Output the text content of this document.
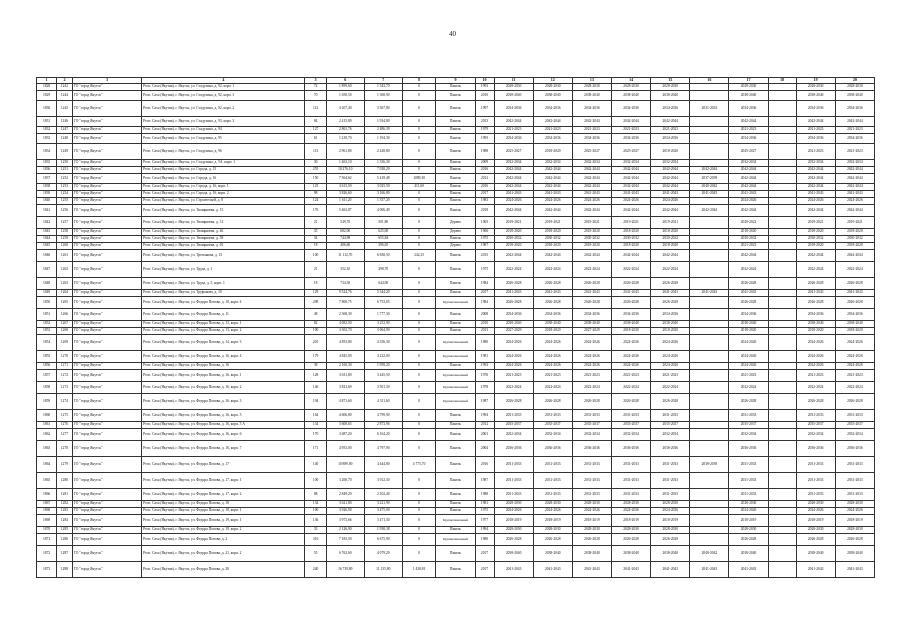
40
1	2	3	4	5	6	7	8	9	10	11	12	13	14	15	16	17	18	19	20
1828	1242	ГО "город Якутск"	Респ. Саха (Якутия), г. Якутск, ул. Стадухина, д. 92, корп. 1	72	1 899,60	1 543,70	0	Панель	1993	2028-2030	2028-2030	2028-2030	2028-2030	2028-2030		2028-2030		2028-2030	2028-2030
1829	1244	ГО "город Якутск"	Респ. Саха (Якутия), г. Якутск, ул. Стадухина, д. 92, корп. 3	70	1 658,50	1 368,90	0	Панель	2010	2038-2040	2038-2040	2038-2040	2038-2040	2038-2040		2038-2040		2038-2040	2038-2040
1830	1245	ГО "город Якутск"	Респ. Саха (Якутия), г. Якутск, ул. Стадухина, д. 92, корп. 2	112	4 207,40	3 567,80	0	Панель	1997	2034-2036	2034-2036	2034-2036	2034-2036	2034-2036	2031-2033	2034-2036		2034-2036	2034-2036
1831	1246	ГО "город Якутск"	Респ. Саха (Якутия), г. Якутск, ул. Стадухина, д. 93, корп. 3	84	2 415,80	1 934,80	0	Панель	2013	2042-2044	2042-2044	2042-2044	2042-2044	2042-2044		2042-2044		2042-2044	2042-2044
1832	1247	ГО "город Якутск"	Респ. Саха (Якутия), г. Якутск, ул. Стадухина, д. 94	127	2 863,76	2 486,39	0	Панель	1979	2021-2023	2021-2023	2021-2023	2021-2023	2021-2023		2021-2023		2021-2023	2021-2023
1833	1248	ГО "город Якутск"	Респ. Саха (Якутия), г. Якутск, ул. Стадухина, д. 95	61	1 218,70	1 194,30	0	Панель	1995	2034-2036	2034-2036	2034-2036	2034-2036	2034-2036		2034-2036		2034-2036	2034-2036
1834	1249	ГО "город Якутск"	Респ. Саха (Якутия), г. Якутск, ул. Стадухина, д. 96	113	2 961,80	2 428,80	0	Панель	1988	2025-2027	2018-2020	2025-2027	2025-2027	2018-2020		2025-2027		2021-2023	2021-2023
1835	1250	ГО "город Якутск"	Респ. Саха (Якутия), г. Якутск, ул. Стадухина, д. 5А, корп. 1	30	1 463,10	1 336,30	0	Панель	2009	2032-2034	2032-2034	2032-2034	2032-2034	2032-2034		2032-2034		2032-2034	2032-2034
1836	1251	ГО "город Якутск"	Респ. Саха (Якутия), г. Якутск, ул. Строда, д. 15	255	10 276,10	7 038,20	0	Панель	2016	2042-2044	2042-2044	2042-2044	2042-2044	2042-2044	2042-2044	2042-2044		2042-2044	2042-2044
1837	1252	ГО "город Якутск"	Респ. Саха (Якутия), г. Якутск, ул. Строда, д. 16	150	7 564,62	5 418,48	1089,30	Панель	2012	2042-2044	2042-2044	2042-2044	2042-2044	2042-2044	2037-2039	2042-2044		2042-2044	2042-2044
1838	1253	ГО "город Якутск"	Респ. Саха (Якутия), г. Якутск, ул. Строда, д. 16, корп. 1	125	3 613,50	3 025,50	411,60	Панель	2016	2042-2044	2042-2044	2042-2044	2042-2044	2042-2044	2040-2042	2042-2044		2042-2044	2042-2044
1839	1254	ГО "город Якутск"	Респ. Саха (Якутия), г. Якутск, ул. Строда, д. 16, корп. 2	98	3 826,60	3 166,80	0	Панель	2017	2041-2043	2041-2043	2041-2043	2041-2043	2041-2043	2041-2043	2041-2043		2041-2043	2041-2043
1840	1255	ГО "город Якутск"	Респ. Саха (Якутия), г. Якутск, ул. Строительей, д. 8	124	1 611,20	1 357,20	0	Панель	1983	2024-2026	2024-2026	2024-2026	2024-2026	2024-2026		2024-2026		2024-2026	2024-2026
1841	1256	ГО "город Якутск"	Респ. Саха (Якутия), г. Якутск, ул. Тимирязева, д. 15	176	5 463,87	4 006,49	0	Панель	2018	2042-2044	2042-2044	2042-2044	2042-2044	2042-2044	2042-2044	2042-2044		2042-2044	2042-2044
1842	1257	ГО "город Якутск"	Респ. Саха (Якутия), г. Якутск, ул. Тимирязева, д. 31	21	549,70	501,80	0	Дерево	1965	2019-2021	2019-2021	2019-2021	2019-2021	2019-2021		2020-2022		2019-2021	2019-2021
1843	1258	ГО "город Якутск"	Респ. Саха (Якутия), г. Якутск, ул. Тимирязева, д. 46	35	682,00	625,00	0	Дерево	1966	2018-2020	2018-2020	2018-2020	2018-2020	2018-2020		2018-2020		2018-2020	2018-2020
1844	1259	ГО "город Якутск"	Респ. Саха (Якутия), г. Якутск, ул. Тимирязева, д. 58	34	744,98	655,84	0	Панель	1975	2030-2032	2030-2032	2030-2032	2030-2032	2030-2032		2030-2032		2030-2032	2030-2032
1845	1260	ГО "город Якутск"	Респ. Саха (Якутия), г. Якутск, ул. Тимирязева, д. 65	18	406,60	396,65	0	Дерево	1987	2018-2020	2018-2020	2018-2020	2018-2020	2018-2020		2021-2023		2018-2020	2018-2020
1846	1261	ГО "город Якутск"	Респ. Саха (Якутия), г. Якутск, ул. Третьякова, д. 15	100	11 112,70	6 838,50	242,35	Панель	2015	2042-2044	2042-2044	2042-2044	2042-2044	2042-2044		2042-2044		2042-2044	2042-2044
1847	1262	ГО "город Якутск"	Респ. Саха (Якутия), г. Якутск, ул. Труда, д. 1	21	352,10	298,70	0	Панель	1975	2022-2024	2022-2024	2022-2024	2022-2024	2022-2024		2022-2024		2022-2024	2022-2024
1848	1263	ГО "город Якутск"	Респ. Саха (Якутия), г. Якутск, ул. Труда, д. 5, корп. 1	18	734,50	644,00	0	Панель	1984	2026-2028	2026-2028	2026-2028	2026-2028	2026-2028		2026-2028		2026-2028	2026-2028
1849	1264	ГО "город Якутск"	Респ. Саха (Якутия), г. Якутск, ул. Труфанова, д. 10	129	9 524,76	5 344,20	0	Панель	2017	2041-2043	2041-2043	2041-2043	2041-2043	2041-2043	2041-2043	2041-2043		2041-2043	2041-2043
1850	1265	ГО "город Якутск"	Респ. Саха (Якутия), г. Якутск, ул. Федора Попова, д. 10, корп. 4	298	7 806,75	6 753,05	0	Крупнопанельный	1984	2026-2028	2026-2028	2026-2028	2026-2028	2026-2028		2026-2028		2026-2028	2026-2028
1851	1266	ГО "город Якутск"	Респ. Саха (Якутия), г. Якутск, ул. Федора Попова, д. 11	48	2 368,30	1 777,30	0	Панель	2008	2034-2036	2034-2036	2034-2036	2034-2036	2034-2036		2034-2036		2034-2036	2034-2036
1852	1267	ГО "город Якутск"	Респ. Саха (Якутия), г. Якутск, ул. Федора Попова, д. 13, корп. 1	82	4 082,50	3 252,90	0	Панель	2010	2038-2040	2038-2040	2038-2040	2038-2040	2038-2040		2038-2040		2038-2040	2038-2040
1853	1268	ГО "город Якутск"	Респ. Саха (Якутия), г. Якутск, ул. Федора Попова, д. 13, корп. 2	100	3 363,70	3 064,90	0	Панель	2013	2027-2029	2018-2020	2027-2029	2018-2020	2018-2020		2018-2020		2018-2020	2018-2020
1854	1269	ГО "город Якутск"	Респ. Саха (Якутия), г. Якутск, ул. Федора Попова, д. 14, корп. 3	201	4 853,80	4 356,30	0	Крупнопанельный	1980	2024-2026	2024-2026	2024-2026	2024-2026	2024-2026		2024-2026		2024-2026	2024-2026
1855	1270	ГО "город Якутск"	Респ. Саха (Якутия), г. Якутск, ул. Федора Попова, д. 16, корп. 4	179	4 845,00	4 232,00	0	Крупнопанельный	1981	2024-2026	2024-2026	2024-2026	2024-2026	2024-2026		2024-2026		2024-2026	2024-2026
1856	1271	ГО "город Якутск"	Респ. Саха (Якутия), г. Якутск, ул. Федора Попова, д. 16	38	2 160,30	1 958,20	0	Панель	1992	2024-2026	2024-2026	2024-2026	2024-2026	2024-2026		2024-2026		2024-2026	2024-2026
1857	1272	ГО "город Якутск"	Респ. Саха (Якутия), г. Якутск, ул. Федора Попова, д. 16, корп. 1	128	3 631,80	3 445,50	0	Крупнопанельный	1976	2021-2023	2021-2023	2021-2023	2021-2023	2021-2023		2021-2023		2021-2023	2021-2023
1858	1273	ГО "город Якутск"	Респ. Саха (Якутия), г. Якутск, ул. Федора Попова, д. 16, корп. 2	146	3 821,69	3 501,30	0	Крупнопанельный	1978	2022-2024	2022-2024	2022-2024	2022-2024	2022-2024		2022-2024		2022-2024	2022-2024
1859	1274	ГО "город Якутск"	Респ. Саха (Якутия), г. Якутск, ул. Федора Попова, д. 16, корп. 3	194	4 871,60	4 311,60	0	Крупнопанельный	1987	2026-2028	2026-2028	2026-2028	2026-2028	2026-2028		2026-2028		2026-2028	2026-2028
1860	1275	ГО "город Якутск"	Респ. Саха (Якутия), г. Якутск, ул. Федора Попова, д. 16, корп. 5	164	4 606,80	4 799,90	0	Панель	1994	2031-2033	2031-2033	2031-2033	2031-2033	2031-2033		2031-2033		2031-2033	2031-2033
1861	1276	ГО "город Якутск"	Респ. Саха (Якутия), г. Якутск, ул. Федора Попова, д. 16, корп. 5 А	134	3 608,65	2 873,96	0	Панель	2012	2035-2037	2035-2037	2035-2037	2035-2037	2035-2037		2035-2037		2035-2037	2035-2037
1862	1277	ГО "город Якутск"	Респ. Саха (Якутия), г. Якутск, ул. Федора Попова, д. 16, корп. 6	170	3 687,20	6 164,20	0	Панель	2001	2032-2034	2032-2034	2032-2034	2032-2034	2032-2034		2032-2034		2032-2034	2032-2034
1863	1278	ГО "город Якутск"	Респ. Саха (Якутия), г. Якутск, ул. Федора Попова, д. 16, корп. 7	171	4 953,00	4 797,90	0	Панель	2004	2036-2036	2036-2036	2036-2036	2036-2036	2036-2036		2036-2036		2036-2036	2036-2036
1864	1279	ГО "город Якутск"	Респ. Саха (Якутия), г. Якутск, ул. Федора Попова, д. 17	140	10 889,00	4 444,80	4 775,70	Панель	2016	2031-2033	2031-2033	2031-2033	2031-2033	2031-2033	2038-2039	2031-2033		2031-2033	2031-2033
1865	1280	ГО "город Якутск"	Респ. Саха (Якутия), г. Якутск, ул. Федора Попова, д. 17, корп. 1	100	3 260,70	3 012,30	0	Панель	1987	2031-2033	2031-2033	2031-2033	2031-2033	2031-2033		2031-2033		2031-2033	2031-2033
1866	1281	ГО "город Якутск"	Респ. Саха (Якутия), г. Якутск, ул. Федора Попова, д. 17, корп. 2	88	2 849,20	2 102,40	0	Панель	1988	2031-2033	2031-2033	2031-2033	2031-2033	2031-2033		2031-2033		2031-2033	2031-2033
1867	1282	ГО "город Якутск"	Респ. Саха (Якутия), г. Якутск, ул. Федора Попова, д. 18	134	3 621,80	3 221,90	0	Панель	1981	2028-2030	2028-2030	2028-2030	2028-2030	2028-2030		2028-2030		2028-2030	2028-2030
1868	1283	ГО "город Якутск"	Респ. Саха (Якутия), г. Якутск, ул. Федора Попова, д. 18, корп. 1	100	3 926,90	3 475,00	0	Панель	1975	2024-2026	2024-2026	2024-2026	2024-2026	2024-2026		2024-2026		2024-2026	2024-2026
1869	1284	ГО "город Якутск"	Респ. Саха (Якутия), г. Якутск, ул. Федора Попова, д. 19, корп. 1	136	3 973,66	3 471,30	0	Крупнопанельный	1977	2018-2019	2018-2019	2018-2019	2018-2019	2018-2019		2018-2019		2018-2019	2018-2019
1870	1285	ГО "город Якутск"	Респ. Саха (Якутия), г. Якутск, ул. Федора Попова, д. 19, корп. 2	33	2 126,90	1 938,38	0	Панель	1994	2028-2030	2028-2030	2028-2030	2028-2030	2028-2030		2028-2030		2028-2030	2028-2030
1871	1286	ГО "город Якутск"	Респ. Саха (Якутия), г. Якутск, ул. Федора Попова, д. 2	316	7 183,50	6 675,90	0	Крупнопанельный	1980	2026-2028	2026-2028	2026-2028	2026-2028	2026-2028		2026-2028		2026-2028	2026-2028
1872	1287	ГО "город Якутск"	Респ. Саха (Якутия), г. Якутск, ул. Федора Попова, д. 21, корп. 2	55	6 762,60	4 079,20	0	Панель	2017	2038-2040	2038-2040	2038-2040	2038-2040	2038-2040	2040-2042	2038-2040		2038-2040	2038-2040
1873	1288	ГО "город Якутск"	Респ. Саха (Якутия), г. Якутск, ул. Федора Попова, д. 20	240	16 739,80	11 135,80	1 438,81	Панель	2017	2041-2043	2041-2043	2041-2043	2041-2043	2041-2043	2041-2043	2041-2043		2041-2043	2041-2043
